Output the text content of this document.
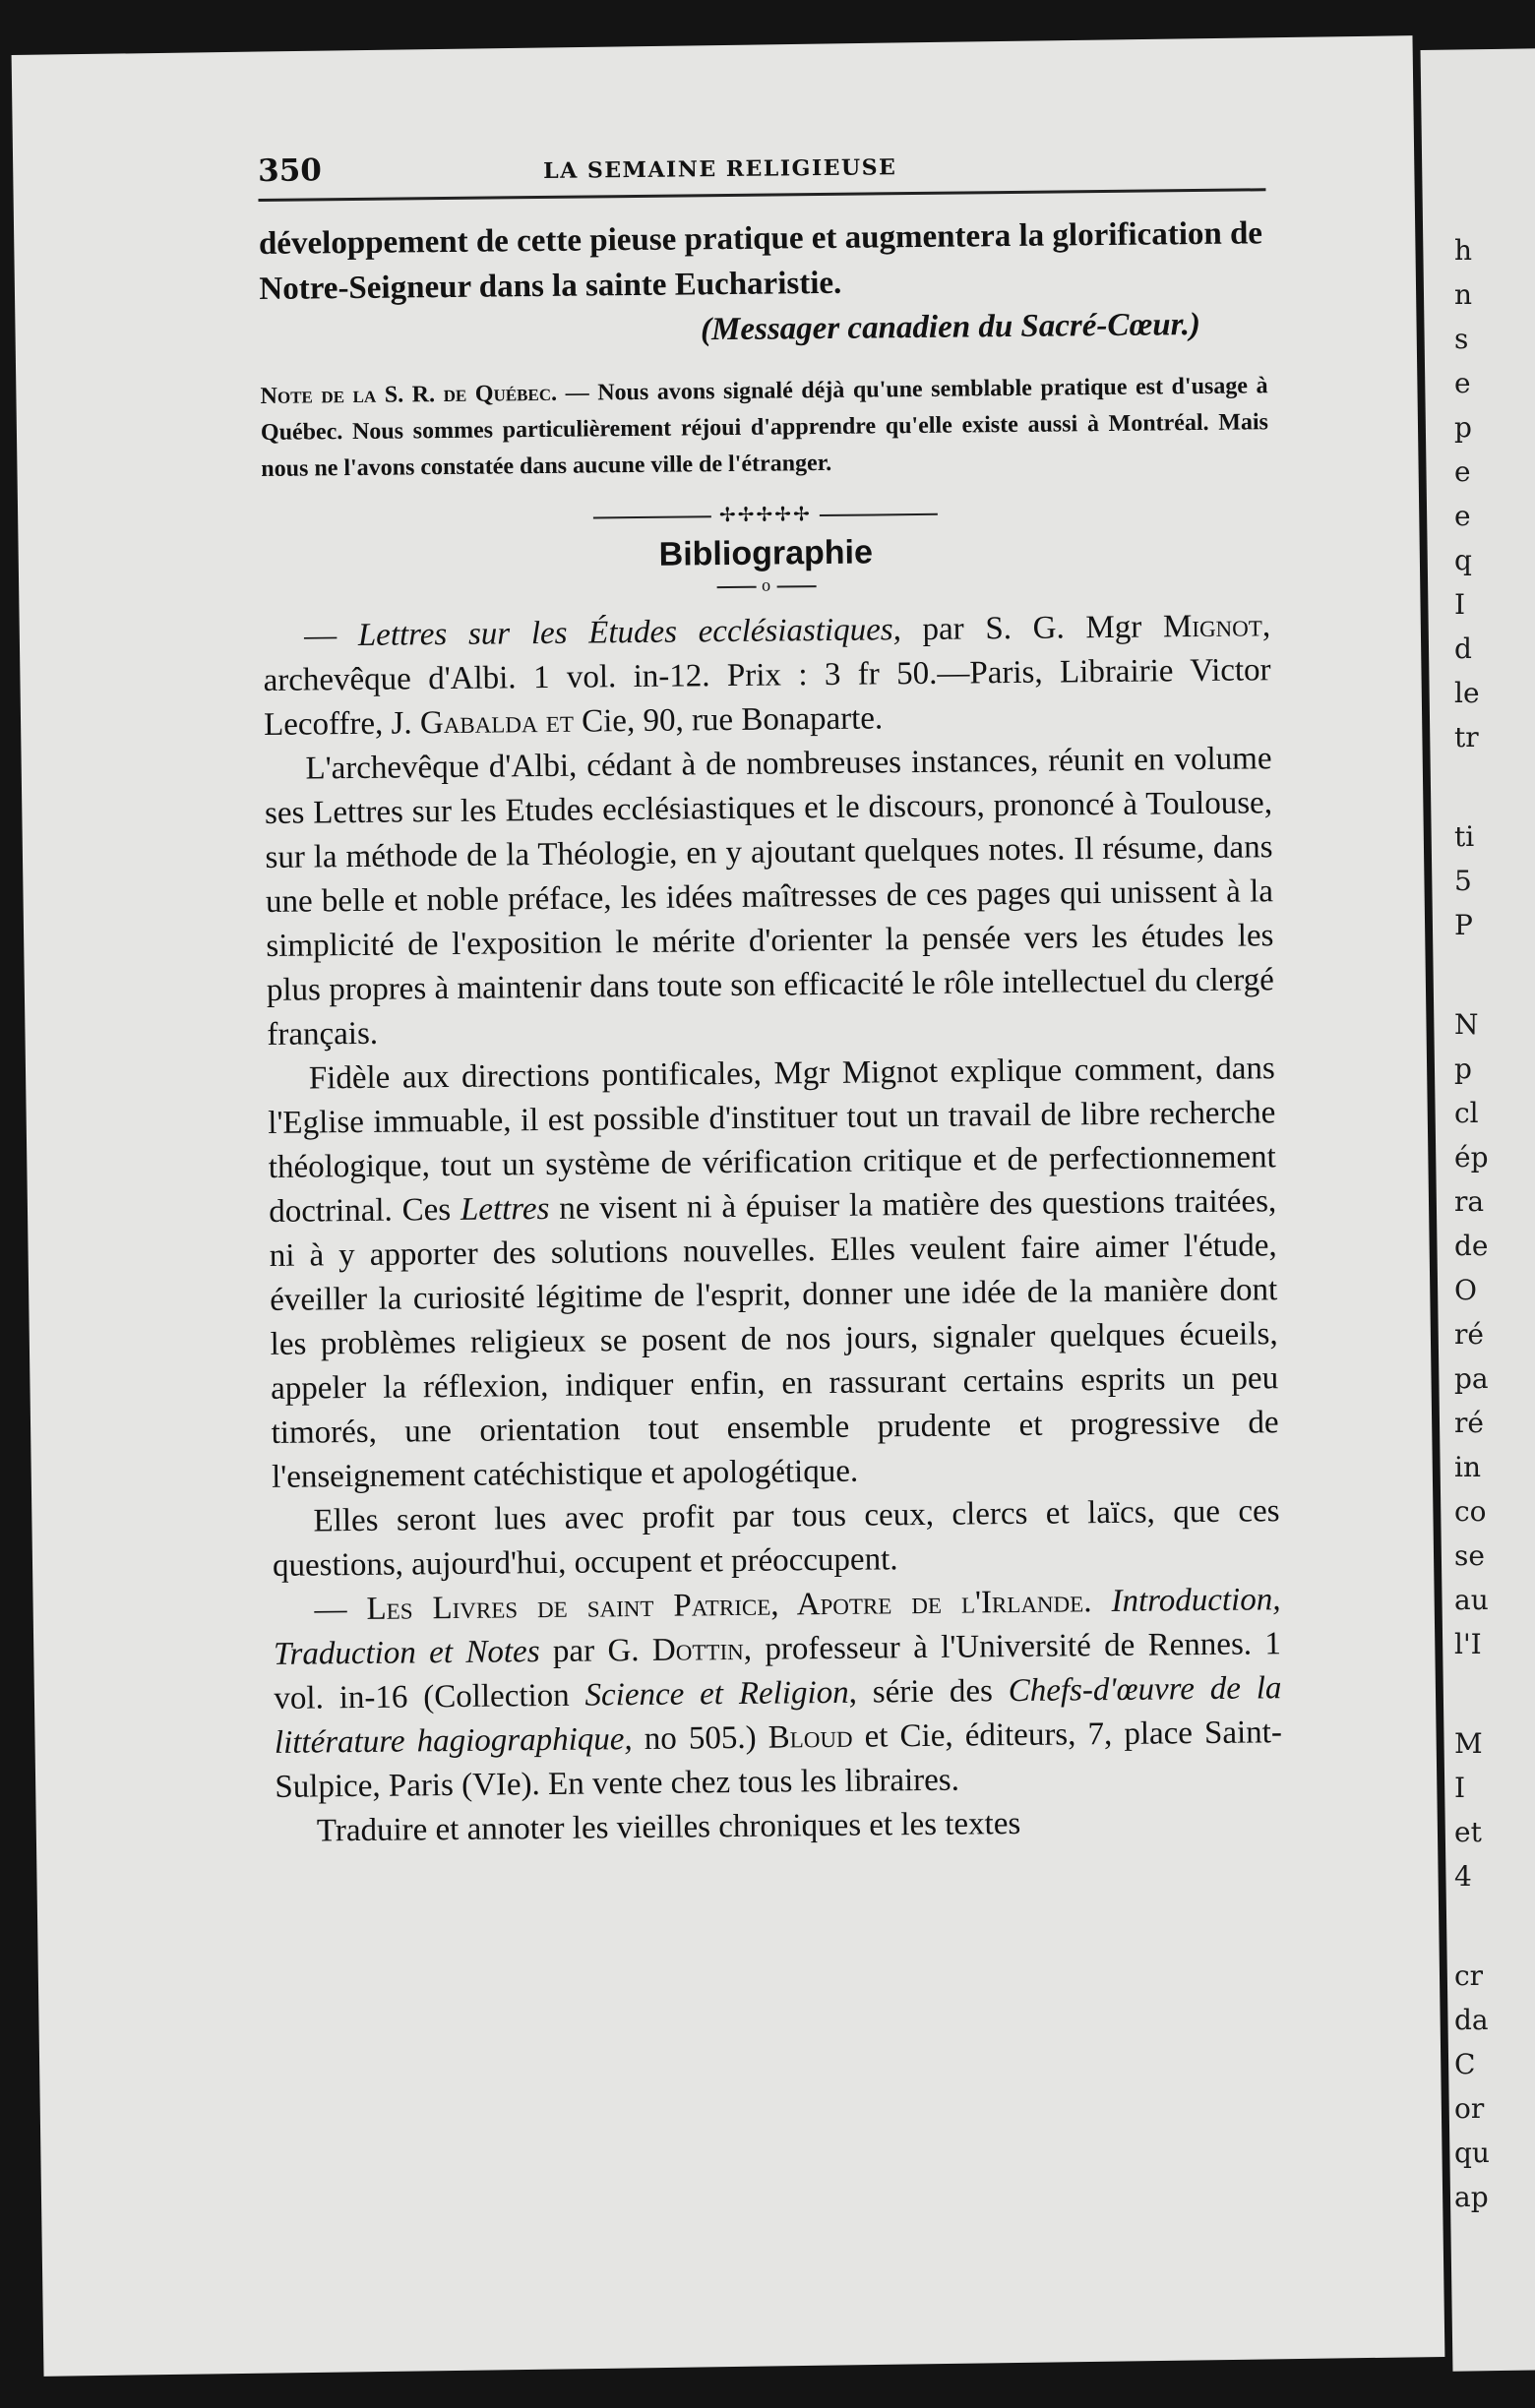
h
n
s
e
p
e
e
q
I
d
le
tr
ti
5
P
N
p
cl
ép
ra
de
O
ré
pa
ré
in
co
se
au
l'I
M
I
et
4
cr
da
C
or
qu
ap
350	LA SEMAINE RELIGIEUSE

développement de cette pieuse pratique et augmentera la glorification de Notre-Seigneur dans la sainte Eucharistie.

(Messager canadien du Sacré-Cœur.)

Note de la S. R. de Québec. — Nous avons signalé déjà qu'une semblable pratique est d'usage à Québec. Nous sommes particulièrement réjoui d'apprendre qu'elle existe aussi à Montréal. Mais nous ne l'avons constatée dans aucune ville de l'étranger.

✢✢✢✢✢
Bibliographie
o

— Lettres sur les Études ecclésiastiques, par S. G. Mgr Mignot, archevêque d'Albi. 1 vol. in-12. Prix : 3 fr 50.—Paris, Librairie Victor Lecoffre, J. Gabalda et Cie, 90, rue Bonaparte.

L'archevêque d'Albi, cédant à de nombreuses instances, réunit en volume ses Lettres sur les Etudes ecclésiastiques et le discours, prononcé à Toulouse, sur la méthode de la Théologie, en y ajoutant quelques notes. Il résume, dans une belle et noble préface, les idées maîtresses de ces pages qui unissent à la simplicité de l'exposition le mérite d'orienter la pensée vers les études les plus propres à maintenir dans toute son efficacité le rôle intellectuel du clergé français.

Fidèle aux directions pontificales, Mgr Mignot explique comment, dans l'Eglise immuable, il est possible d'instituer tout un travail de libre recherche théologique, tout un système de vérification critique et de perfectionnement doctrinal. Ces Lettres ne visent ni à épuiser la matière des questions traitées, ni à y apporter des solutions nouvelles. Elles veulent faire aimer l'étude, éveiller la curiosité légitime de l'esprit, donner une idée de la manière dont les problèmes religieux se posent de nos jours, signaler quelques écueils, appeler la réflexion, indiquer enfin, en rassurant certains esprits un peu timorés, une orientation tout ensemble prudente et progressive de l'enseignement catéchistique et apologétique.

Elles seront lues avec profit par tous ceux, clercs et laïcs, que ces questions, aujourd'hui, occupent et préoccupent.

— Les Livres de saint Patrice, Apotre de l'Irlande. Introduction, Traduction et Notes par G. Dottin, professeur à l'Université de Rennes. 1 vol. in-16 (Collection Science et Religion, série des Chefs-d'œuvre de la littérature hagiographique, no 505.) Bloud et Cie, éditeurs, 7, place Saint-Sulpice, Paris (VIe). En vente chez tous les libraires.

Traduire et annoter les vieilles chroniques et les textes
